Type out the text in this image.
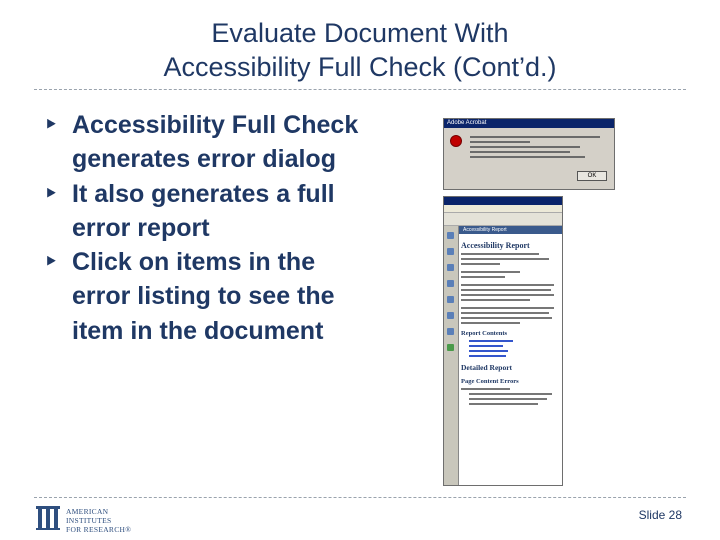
Evaluate Document With
Accessibility Full Check (Cont’d.)
‣ Accessibility Full Check generates error dialog
‣ It also generates a full error report
‣ Click on items in the error listing to see the item in the document
Adobe Acrobat
OK
Accessibility Report
Accessibility Report
Report Contents
Detailed Report
Page Content Errors
AMERICAN
INSTITUTES
FOR RESEARCH®
Slide 28
